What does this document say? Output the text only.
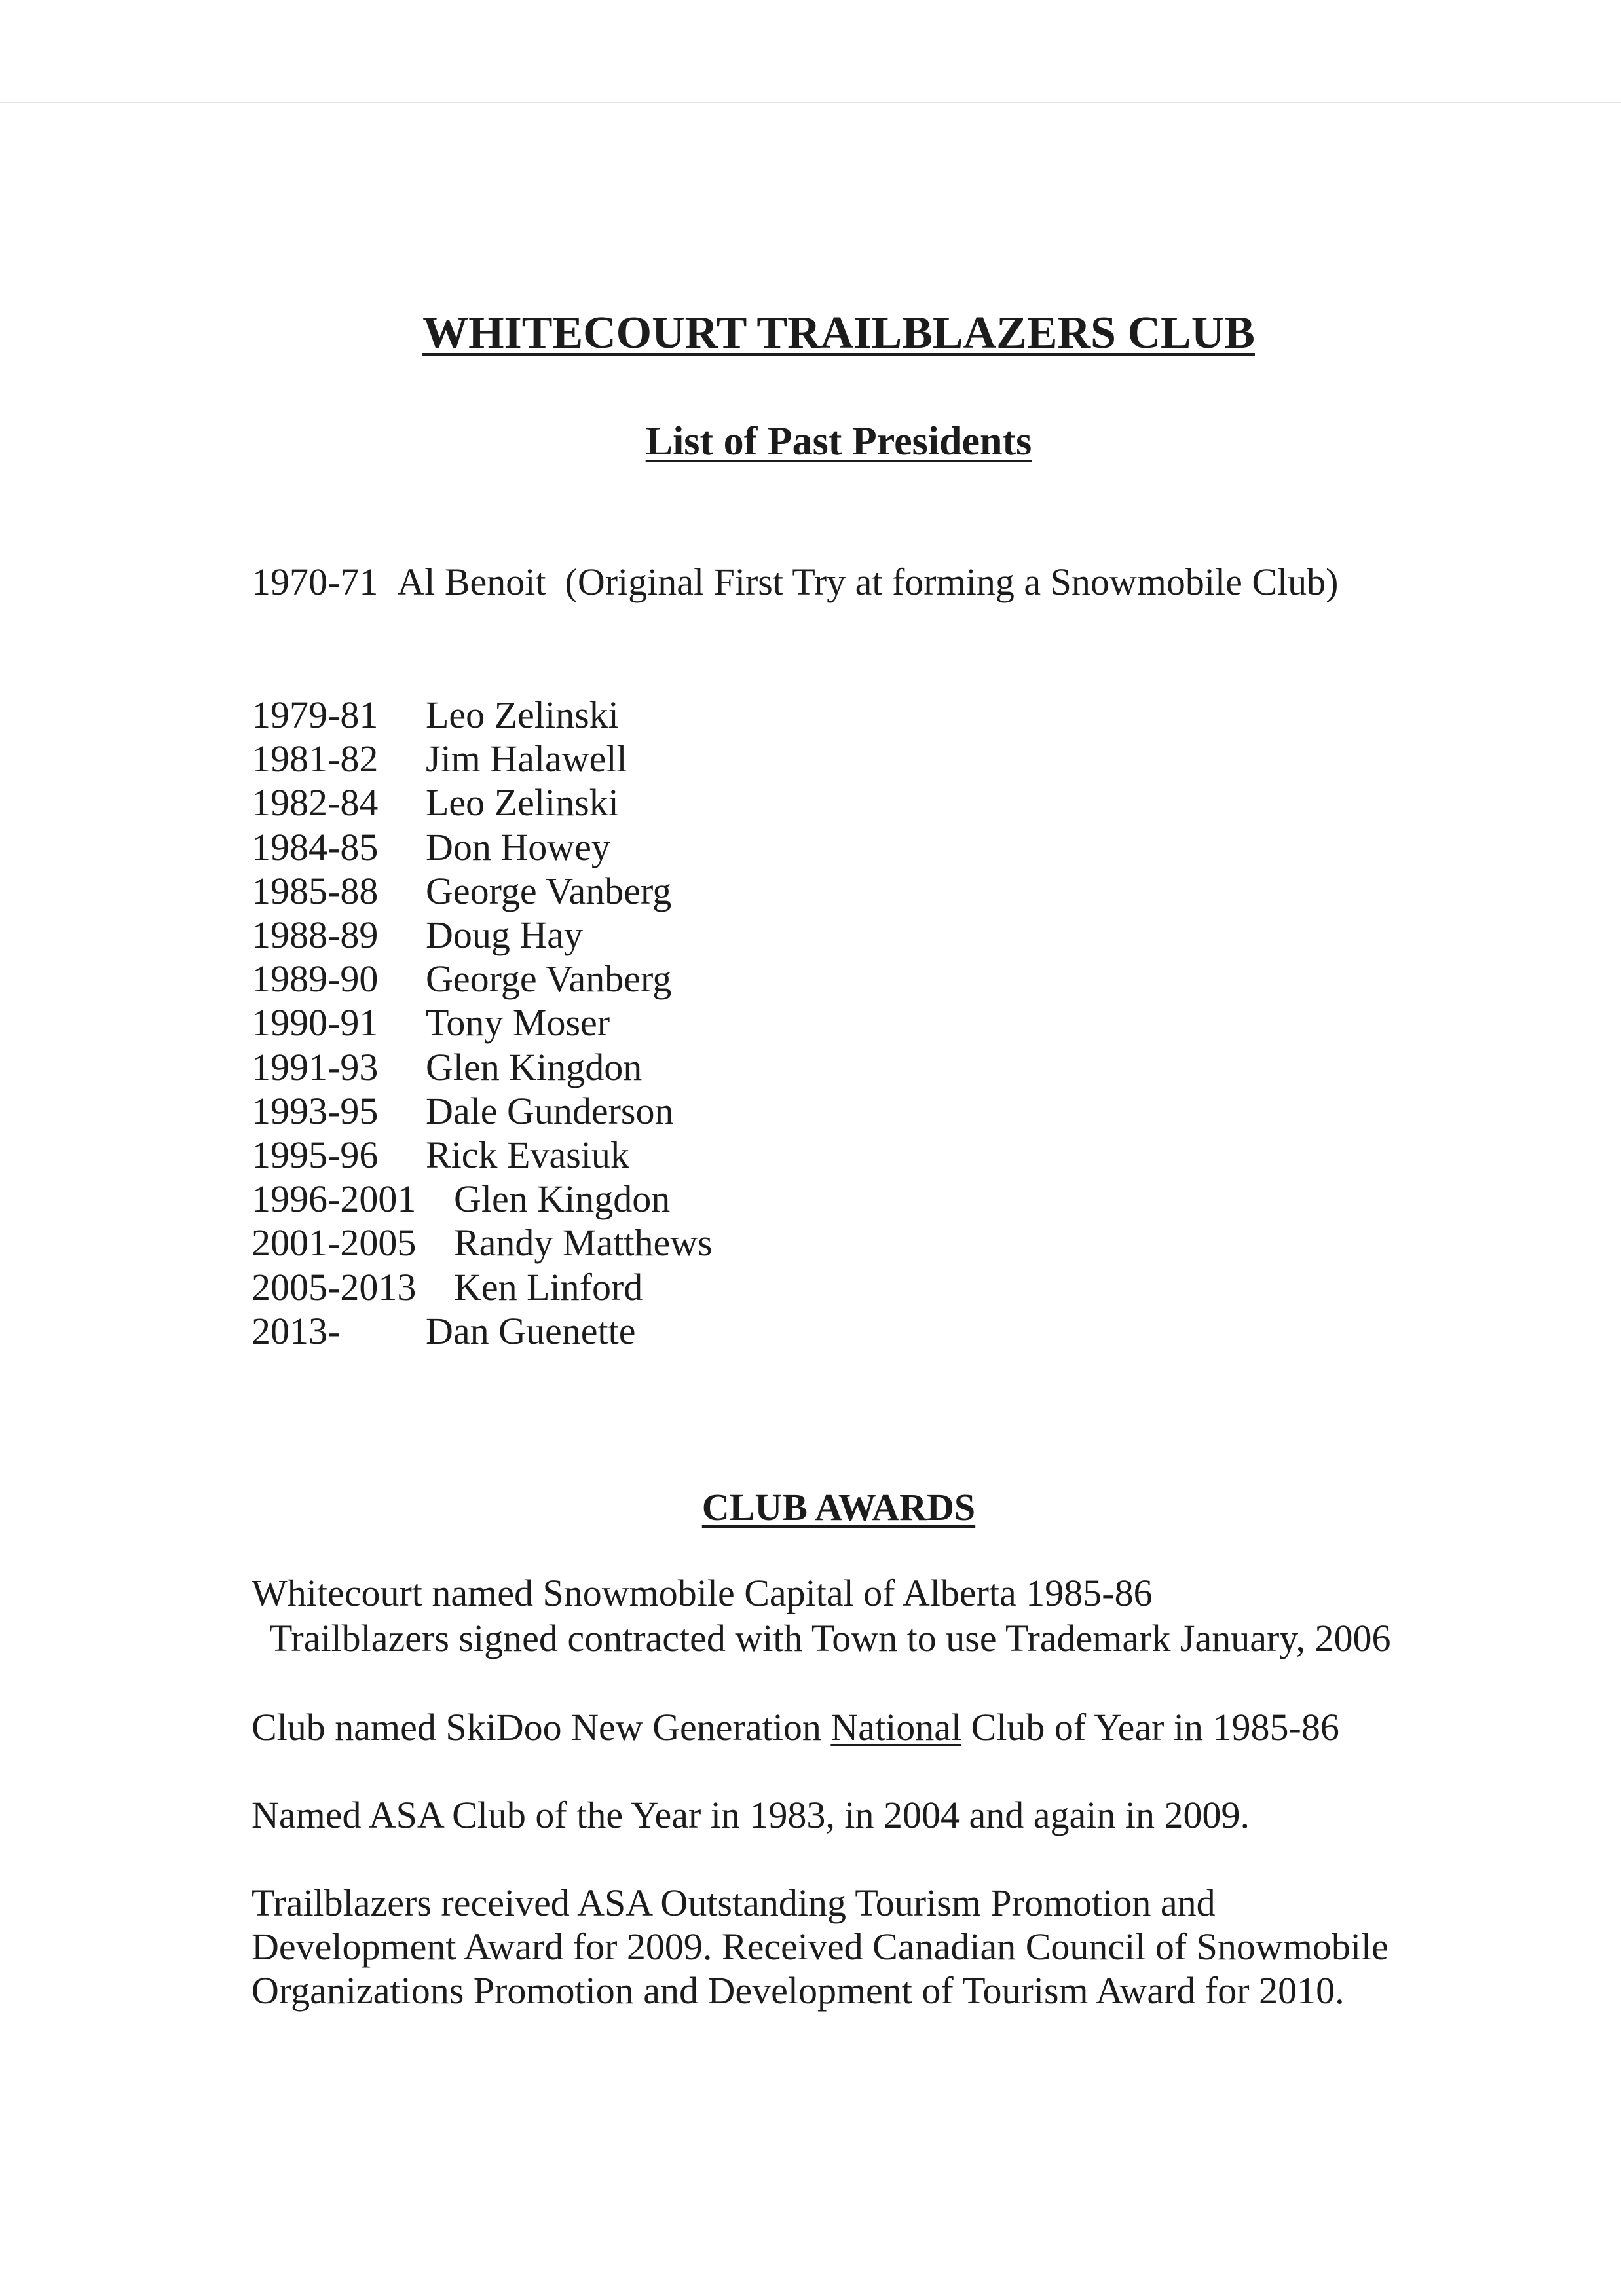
WHITECOURT TRAILBLAZERS CLUB
List of Past Presidents
1970-71 Al Benoit (Original First Try at forming a Snowmobile Club)
1979-81 Leo Zelinski
1981-82 Jim Halawell
1982-84 Leo Zelinski
1984-85 Don Howey
1985-88 George Vanberg
1988-89 Doug Hay
1989-90 George Vanberg
1990-91 Tony Moser
1991-93 Glen Kingdon
1993-95 Dale Gunderson
1995-96 Rick Evasiuk
1996-2001 Glen Kingdon
2001-2005 Randy Matthews
2005-2013 Ken Linford
2013- Dan Guenette
CLUB AWARDS
Whitecourt named Snowmobile Capital of Alberta 1985-86
Trailblazers signed contracted with Town to use Trademark January, 2006
Club named SkiDoo New Generation National Club of Year in 1985-86
Named ASA Club of the Year in 1983, in 2004 and again in 2009.
Trailblazers received ASA Outstanding Tourism Promotion and
Development Award for 2009. Received Canadian Council of Snowmobile
Organizations Promotion and Development of Tourism Award for 2010.
